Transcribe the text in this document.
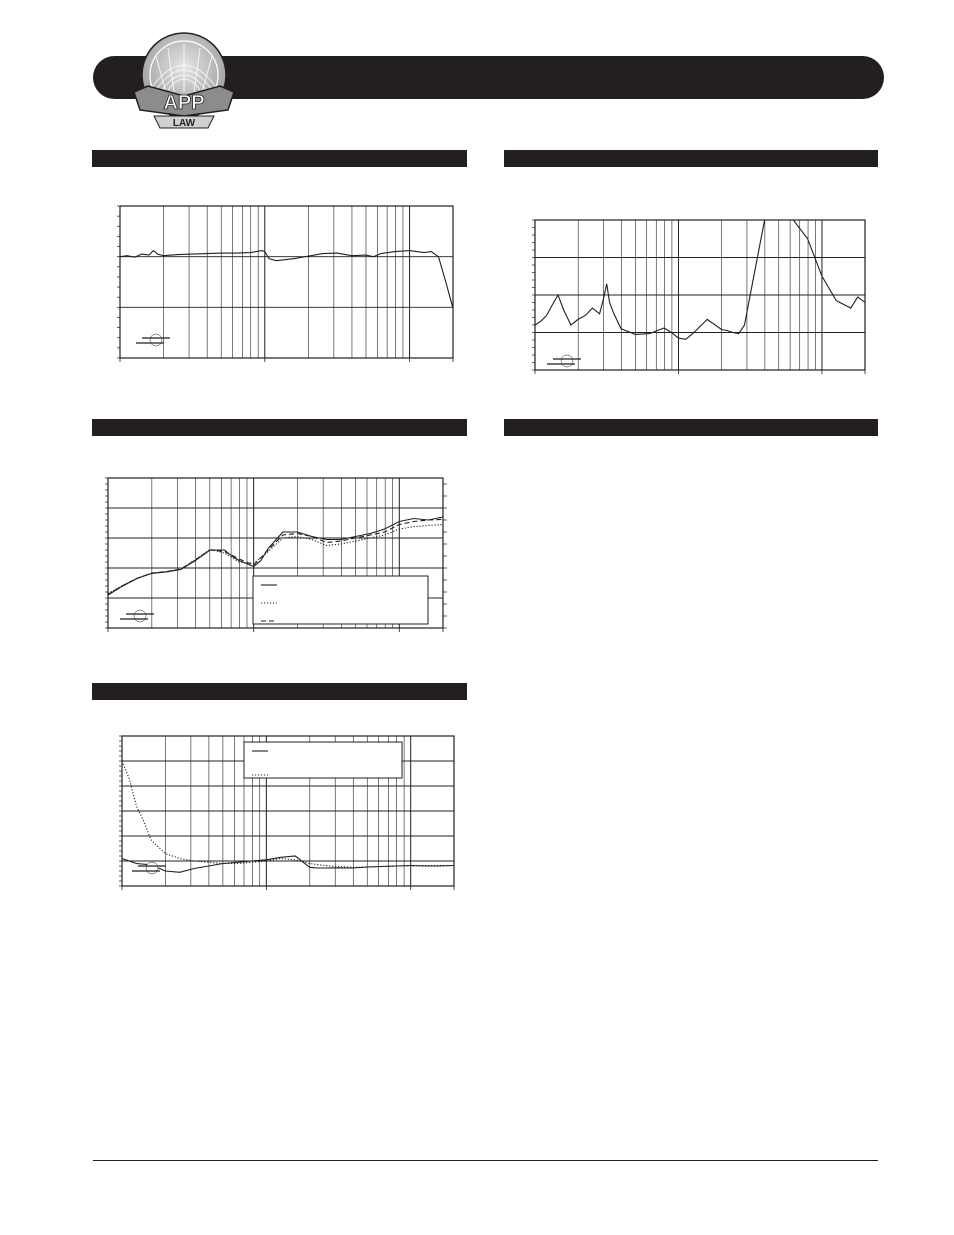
APP
LAW
